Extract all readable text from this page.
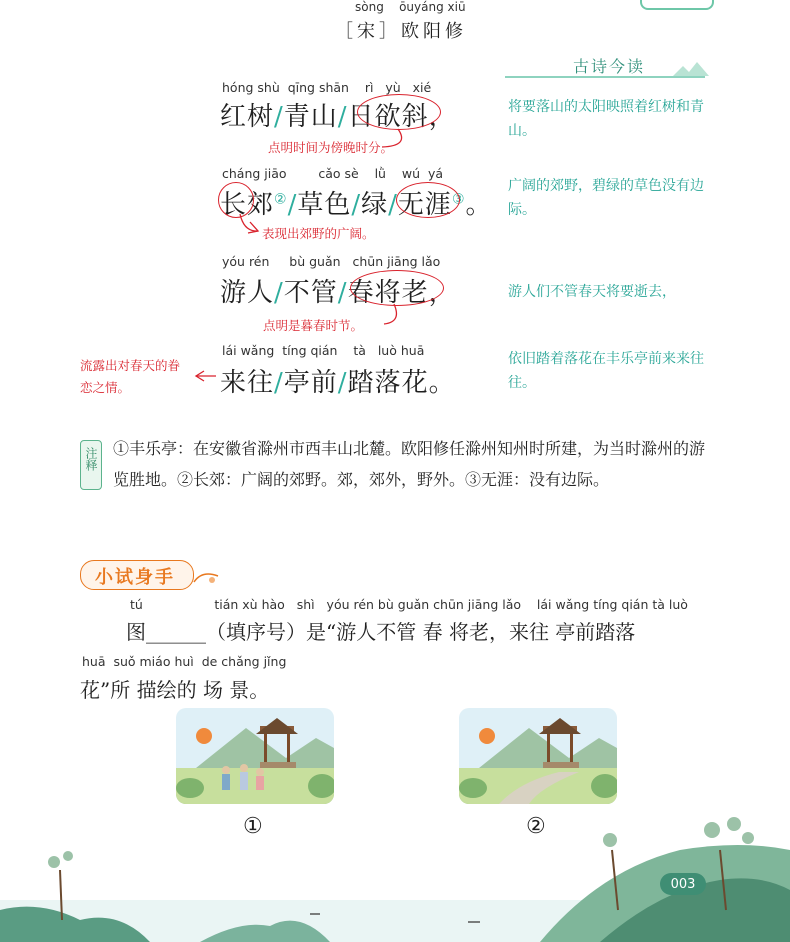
sòng    ōuyáng xiū
［宋］欧阳修
hóng shù  qīng shān    rì   yù   xié
cháng jiāo        cǎo sè    lǜ    wú  yá
yóu rén     bù guǎn   chūn jiāng lǎo
lái wǎng  tíng qián    tà   luò huā
红树/青山/日欲斜，
长郊②/草色/绿/无涯③。
游人/不管/春将老，
来往/亭前/踏落花。
点明时间为傍晚时分。
表现出郊野的广阔。
点明是暮春时节。
流露出对春天的眷恋之情。
古诗今读
将要落山的太阳映照着红树和青山。
广阔的郊野，碧绿的草色没有边际。
游人们不管春天将要逝去，
依旧踏着落花在丰乐亭前来来往往。
注释 ①丰乐亭：在安徽省滁州市西丰山北麓。欧阳修任滁州知州时所建，为当时滁州的游览胜地。②长郊：广阔的郊野。郊，郊外，野外。③无涯：没有边际。
小试身手
tú                  tián xù hào   shì   yóu rén bù guǎn chūn jiāng lǎo    lái wǎng tíng qián tà luò
图______（填序号）是“游人不管 春 将老，来往 亭前踏落
huā  suǒ miáo huì  de chǎng jǐng
花”所 描绘的 场 景。
①	②
003
